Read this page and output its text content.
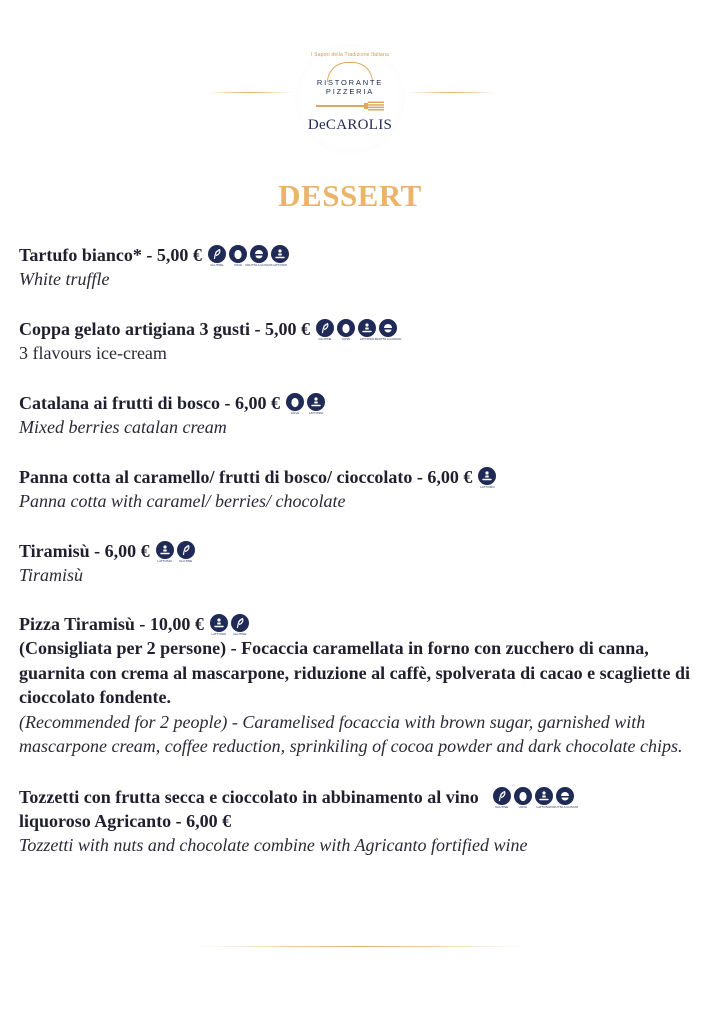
I Sapori della Tradizione Italiana
RISTORANTE
PIZZERIA
DeCAROLIS
DESSERT
Tartufo bianco* - 5,00 €	GLUTINE	UOVA	FRUTTA A GUSCIO LATTOSIO
White truffle
Coppa gelato artigiana 3 gusti - 5,00 €	GLUTINE	UOVA	LATTOSIO FRUTTA A GUSCIO
3 flavours ice-cream
Catalana ai frutti di bosco - 6,00 €	UOVA	LATTOSIO
Mixed berries catalan cream
Panna cotta al caramello/ frutti di bosco/ cioccolato - 6,00 €	LATTOSIO
Panna cotta with caramel/ berries/ chocolate
Tiramisù - 6,00 €	LATTOSIO	GLUTINE
Tiramisù
Pizza Tiramisù - 10,00 €	LATTOSIO	GLUTINE
(Consigliata per 2 persone) - Focaccia caramellata in forno con zucchero di canna, guarnita con crema al mascarpone, riduzione al caffè, spolverata di cacao e scagliette di cioccolato fondente.
(Recommended for 2 people) - Caramelised focaccia with brown sugar, garnished with mascarpone cream, coffee reduction, sprinkiling of cocoa powder and dark chocolate chips.
Tozzetti con frutta secca e cioccolato in abbinamento al vino	GLUTINE	UOVA	LATTOSIO FRUTTA A GUSCIO
liquoroso Agricanto - 6,00 €
Tozzetti with nuts and chocolate combine with Agricanto fortified wine
